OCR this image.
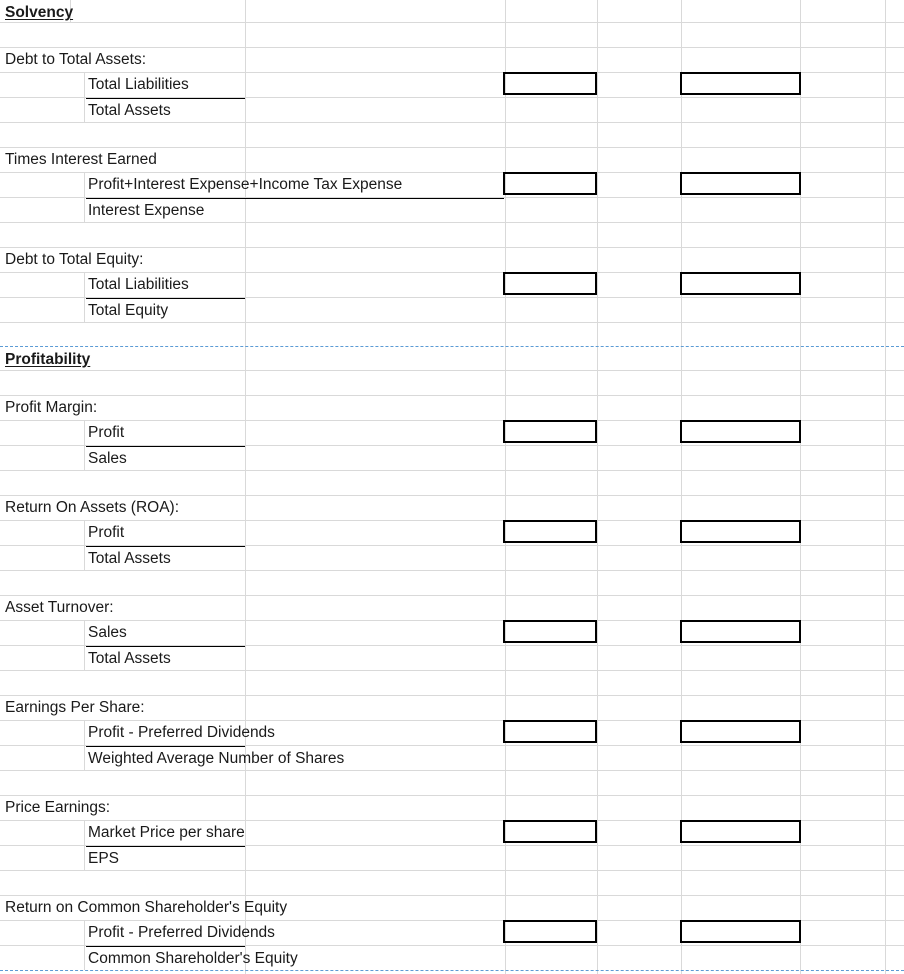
Solvency
Debt to Total Assets:
Total Liabilities
Total Assets
Times Interest Earned
Profit+Interest Expense+Income Tax Expense
Interest Expense
Debt to Total Equity:
Total Liabilities
Total Equity
Profitability
Profit Margin:
Profit
Sales
Return On Assets (ROA):
Profit
Total Assets
Asset Turnover:
Sales
Total Assets
Earnings Per Share:
Profit - Preferred Dividends
Weighted Average Number of Shares
Price Earnings:
Market Price per share
EPS
Return on Common Shareholder's Equity
Profit - Preferred Dividends
Common Shareholder's Equity
